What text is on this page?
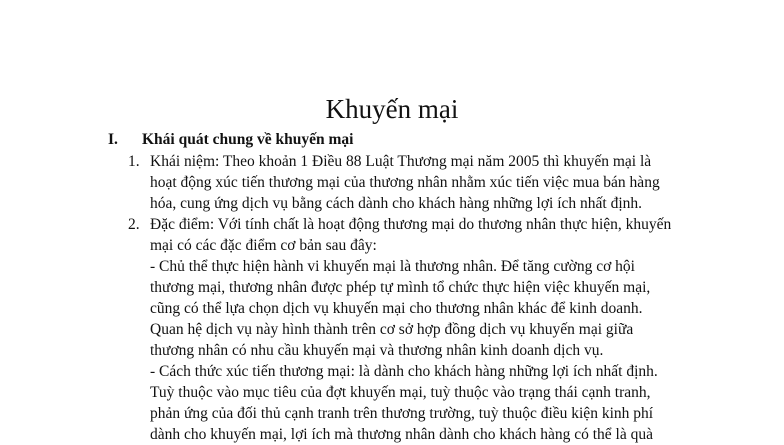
Khuyến mại
I. Khái quát chung về khuyến mại
1. Khái niệm: Theo khoản 1 Điều 88 Luật Thương mại năm 2005 thì khuyến mại là
hoạt động xúc tiến thương mại của thương nhân nhằm xúc tiến việc mua bán hàng
hóa, cung ứng dịch vụ bằng cách dành cho khách hàng những lợi ích nhất định.
2. Đặc điểm: Với tính chất là hoạt động thương mại do thương nhân thực hiện, khuyến
mại có các đặc điểm cơ bản sau đây:
- Chủ thể thực hiện hành vi khuyến mại là thương nhân. Để tăng cường cơ hội
thương mại, thương nhân được phép tự mình tổ chức thực hiện việc khuyến mại,
cũng có thể lựa chọn dịch vụ khuyến mại cho thương nhân khác để kinh doanh.
Quan hệ dịch vụ này hình thành trên cơ sở hợp đồng dịch vụ khuyến mại giữa
thương nhân có nhu cầu khuyến mại và thương nhân kinh doanh dịch vụ.
- Cách thức xúc tiến thương mại: là dành cho khách hàng những lợi ích nhất định.
Tuỳ thuộc vào mục tiêu của đợt khuyến mại, tuỳ thuộc vào trạng thái cạnh tranh,
phản ứng của đối thủ cạnh tranh trên thương trường, tuỳ thuộc điều kiện kinh phí
dành cho khuyến mại, lợi ích mà thương nhân dành cho khách hàng có thể là quà
